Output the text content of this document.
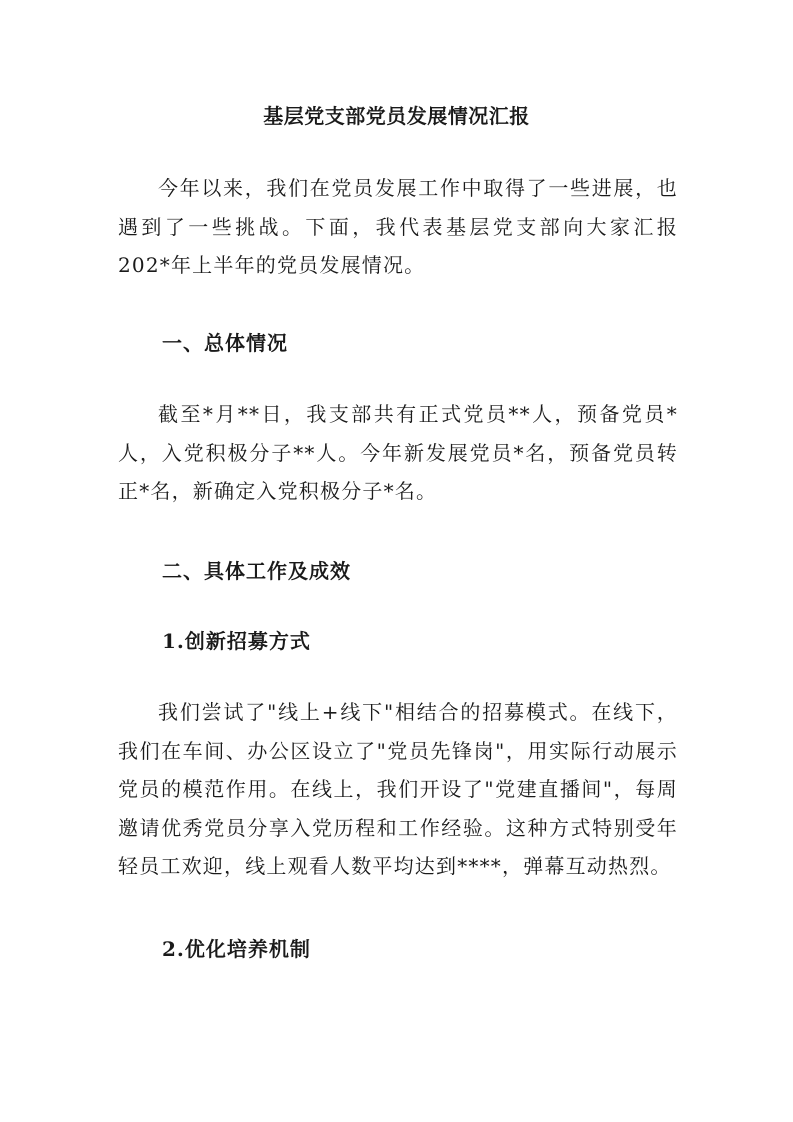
基层党支部党员发展情况汇报
今年以来，我们在党员发展工作中取得了一些进展，也遇到了一些挑战。下面，我代表基层党支部向大家汇报 202*年上半年的党员发展情况。
一、总体情况
截至*月**日，我支部共有正式党员**人，预备党员*人，入党积极分子**人。今年新发展党员*名，预备党员转正*名，新确定入党积极分子*名。
二、具体工作及成效
1.创新招募方式
我们尝试了"线上+线下"相结合的招募模式。在线下，我们在车间、办公区设立了"党员先锋岗"，用实际行动展示党员的模范作用。在线上，我们开设了"党建直播间"，每周邀请优秀党员分享入党历程和工作经验。这种方式特别受年轻员工欢迎，线上观看人数平均达到****，弹幕互动热烈。
2.优化培养机制
